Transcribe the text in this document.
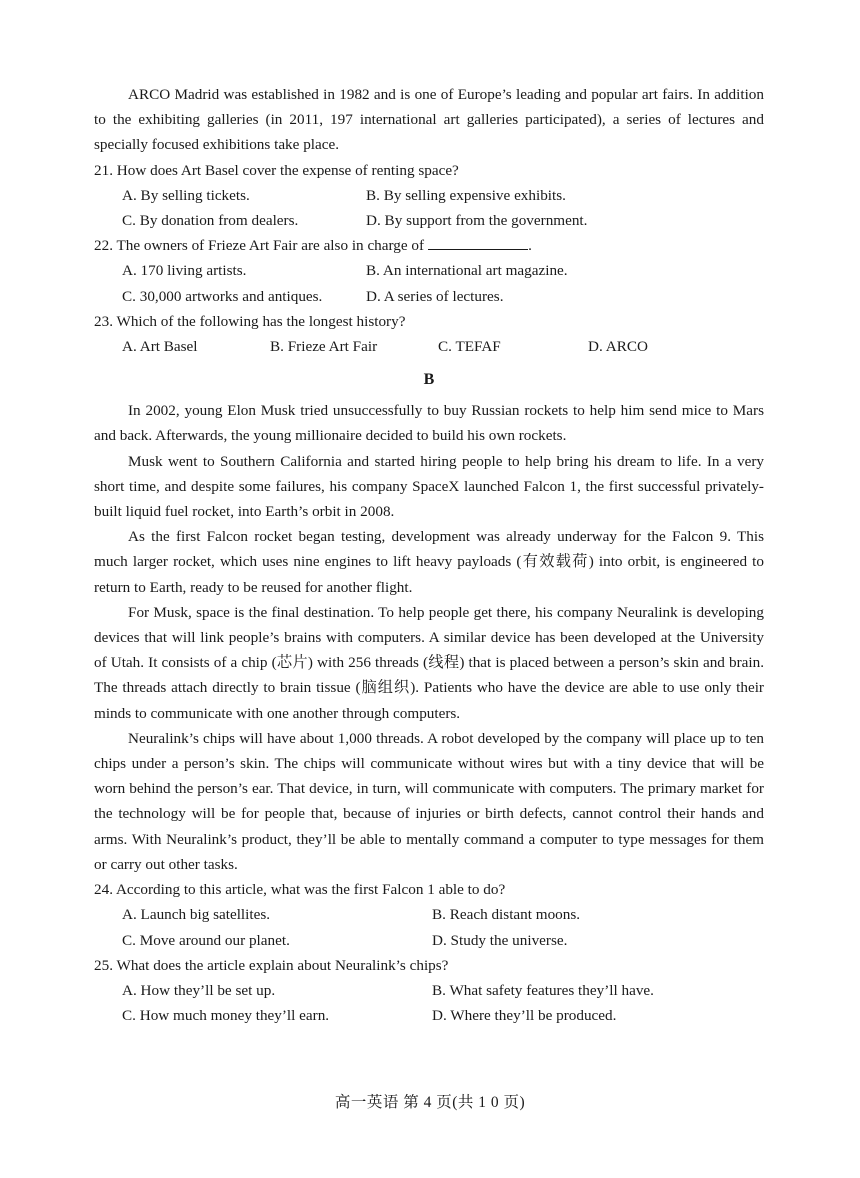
ARCO Madrid was established in 1982 and is one of Europe’s leading and popular art fairs. In addition to the exhibiting galleries (in 2011, 197 international art galleries participated), a series of lectures and specially focused exhibitions take place.

21. How does Art Basel cover the expense of renting space?

A. By selling tickets.	B. By selling expensive exhibits.
C. By donation from dealers.	D. By support from the government.

22. The owners of Frieze Art Fair are also in charge of	.

A. 170 living artists.	B. An international art magazine.
C. 30,000 artworks and antiques.	D. A series of lectures.

23. Which of the following has the longest history?

A. Art Basel	B. Frieze Art Fair	C. TEFAF	D. ARCO
B

In 2002, young Elon Musk tried unsuccessfully to buy Russian rockets to help him send mice to Mars and back. Afterwards, the young millionaire decided to build his own rockets.

Musk went to Southern California and started hiring people to help bring his dream to life. In a very short time, and despite some failures, his company SpaceX launched Falcon 1, the first successful privately-built liquid fuel rocket, into Earth’s orbit in 2008.

As the first Falcon rocket began testing, development was already underway for the Falcon 9. This much larger rocket, which uses nine engines to lift heavy payloads (有效载荷) into orbit, is engineered to return to Earth, ready to be reused for another flight.

For Musk, space is the final destination. To help people get there, his company Neuralink is developing devices that will link people’s brains with computers. A similar device has been developed at the University of Utah. It consists of a chip (芯片) with 256 threads (线程) that is placed between a person’s skin and brain. The threads attach directly to brain tissue (脑组织). Patients who have the device are able to use only their minds to communicate with one another through computers.

Neuralink’s chips will have about 1,000 threads. A robot developed by the company will place up to ten chips under a person’s skin. The chips will communicate without wires but with a tiny device that will be worn behind the person’s ear. That device, in turn, will communicate with computers. The primary market for the technology will be for people that, because of injuries or birth defects, cannot control their hands and arms. With Neuralink’s product, they’ll be able to mentally command a computer to type messages for them or carry out other tasks.

24. According to this article, what was the first Falcon 1 able to do?

A. Launch big satellites.	B. Reach distant moons.
C. Move around our planet.	D. Study the universe.

25. What does the article explain about Neuralink’s chips?

A. How they’ll be set up.	B. What safety features they’ll have.
C. How much money they’ll earn.	D. Where they’ll be produced.
高一英语 第 4 页(共 1 0 页)
